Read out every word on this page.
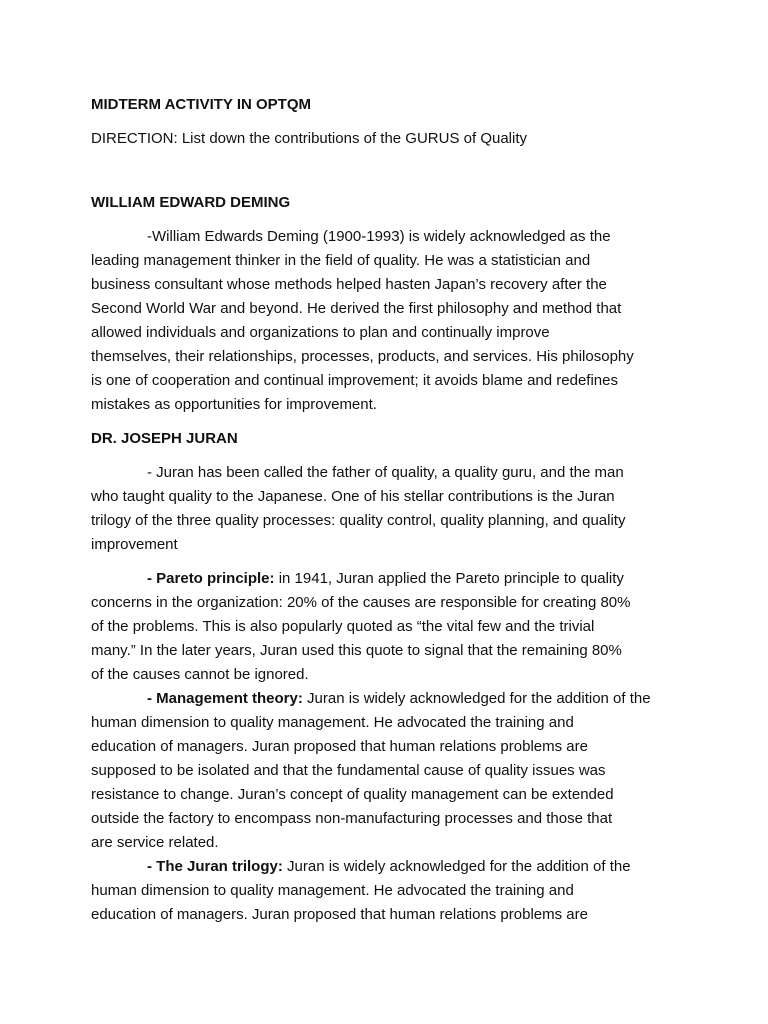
MIDTERM ACTIVITY IN OPTQM
DIRECTION: List down the contributions of the GURUS of Quality
WILLIAM EDWARD DEMING
-William Edwards Deming (1900-1993) is widely acknowledged as the
leading management thinker in the field of quality. He was a statistician and
business consultant whose methods helped hasten Japan’s recovery after the
Second World War and beyond. He derived the first philosophy and method that
allowed individuals and organizations to plan and continually improve
themselves, their relationships, processes, products, and services. His philosophy
is one of cooperation and continual improvement; it avoids blame and redefines
mistakes as opportunities for improvement.
DR. JOSEPH JURAN
- Juran has been called the father of quality, a quality guru, and the man
who taught quality to the Japanese. One of his stellar contributions is the Juran
trilogy of the three quality processes: quality control, quality planning, and quality
improvement
- Pareto principle: in 1941, Juran applied the Pareto principle to quality
concerns in the organization: 20% of the causes are responsible for creating 80%
of the problems. This is also popularly quoted as “the vital few and the trivial
many.” In the later years, Juran used this quote to signal that the remaining 80%
of the causes cannot be ignored.
- Management theory: Juran is widely acknowledged for the addition of the
human dimension to quality management. He advocated the training and
education of managers. Juran proposed that human relations problems are
supposed to be isolated and that the fundamental cause of quality issues was
resistance to change. Juran’s concept of quality management can be extended
outside the factory to encompass non-manufacturing processes and those that
are service related.
- The Juran trilogy: Juran is widely acknowledged for the addition of the
human dimension to quality management. He advocated the training and
education of managers. Juran proposed that human relations problems are
